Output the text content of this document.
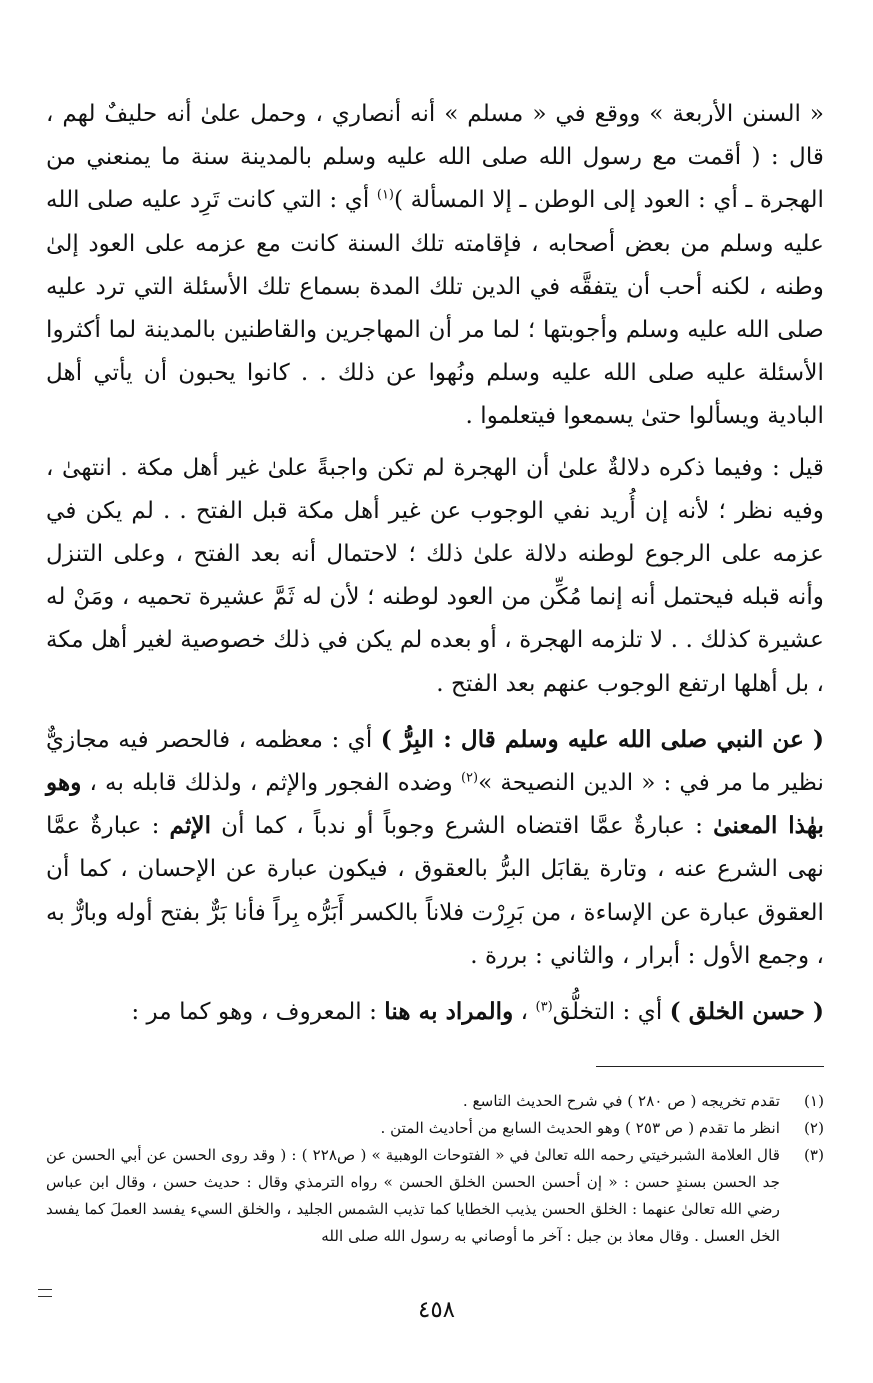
« السنن الأربعة » ووقع في « مسلم » أنه أنصاري ، وحمل علىٰ أنه حليفٌ لهم ، قال : ( أقمت مع رسول الله صلى الله عليه وسلم بالمدينة سنة ما يمنعني من الهجرة ـ أي : العود إلى الوطن ـ إلا المسألة )$^{(١)}$ أي : التي كانت تَرِد عليه صلى الله عليه وسلم من بعض أصحابه ، فإقامته تلك السنة كانت مع عزمه على العود إلىٰ وطنه ، لكنه أحب أن يتفقَّه في الدين تلك المدة بسماع تلك الأسئلة التي ترد عليه صلى الله عليه وسلم وأجوبتها ؛ لما مر أن المهاجرين والقاطنين بالمدينة لما أكثروا الأسئلة عليه صلى الله عليه وسلم ونُهوا عن ذلك . . كانوا يحبون أن يأتي أهل البادية ويسألوا حتىٰ يسمعوا فيتعلموا .

قيل : وفيما ذكره دلالةٌ علىٰ أن الهجرة لم تكن واجبةً علىٰ غير أهل مكة . انتهىٰ ، وفيه نظر ؛ لأنه إن أُريد نفي الوجوب عن غير أهل مكة قبل الفتح . . لم يكن في عزمه على الرجوع لوطنه دلالة علىٰ ذلك ؛ لاحتمال أنه بعد الفتح ، وعلى التنزل وأنه قبله فيحتمل أنه إنما مُكِّن من العود لوطنه ؛ لأن له ثَمَّ عشيرة تحميه ، ومَنْ له عشيرة كذلك . . لا تلزمه الهجرة ، أو بعده لم يكن في ذلك خصوصية لغير أهل مكة ، بل أهلها ارتفع الوجوب عنهم بعد الفتح .

( عن النبي صلى الله عليه وسلم قال : البِرُّ ) أي : معظمه ، فالحصر فيه مجازيٌّ نظير ما مر في : « الدين النصيحة »$^{(٢)}$ وضده الفجور والإثم ، ولذلك قابله به ، وهو بهٰذا المعنىٰ : عبارةٌ عمَّا اقتضاه الشرع وجوباً أو ندباً ، كما أن الإثم : عبارةٌ عمَّا نهى الشرع عنه ، وتارة يقابَل البرُّ بالعقوق ، فيكون عبارة عن الإحسان ، كما أن العقوق عبارة عن الإساءة ، من بَرِرْت فلاناً بالكسر أَبَرُّه بِراً فأنا بَرٌّ بفتح أوله وبارٌّ به ، وجمع الأول : أبرار ، والثاني : بررة .

( حسن الخلق ) أي : التخلُّق$^{(٣)}$ ، والمراد به هنا : المعروف ، وهو كما مر :

(١)
تقدم تخريجه ( ص ٢٨٠ ) في شرح الحديث التاسع .
(٢)
انظر ما تقدم ( ص ٢٥٣ ) وهو الحديث السابع من أحاديث المتن .
(٣)
قال العلامة الشبرخيتي رحمه الله تعالىٰ في « الفتوحات الوهبية » ( ص٢٢٨ ) : ( وقد روى الحسن عن أبي الحسن عن جد الحسن بسندٍ حسن : « إن أحسن الحسن الخلق الحسن » رواه الترمذي وقال : حديث حسن ، وقال ابن عباس رضي الله تعالىٰ عنهما : الخلق الحسن يذيب الخطايا كما تذيب الشمس الجليد ، والخلق السيء يفسد العملَ كما يفسد الخل العسل . وقال معاذ بن جبل : آخر ما أوصاني به رسول الله صلى الله
٤٥٨
